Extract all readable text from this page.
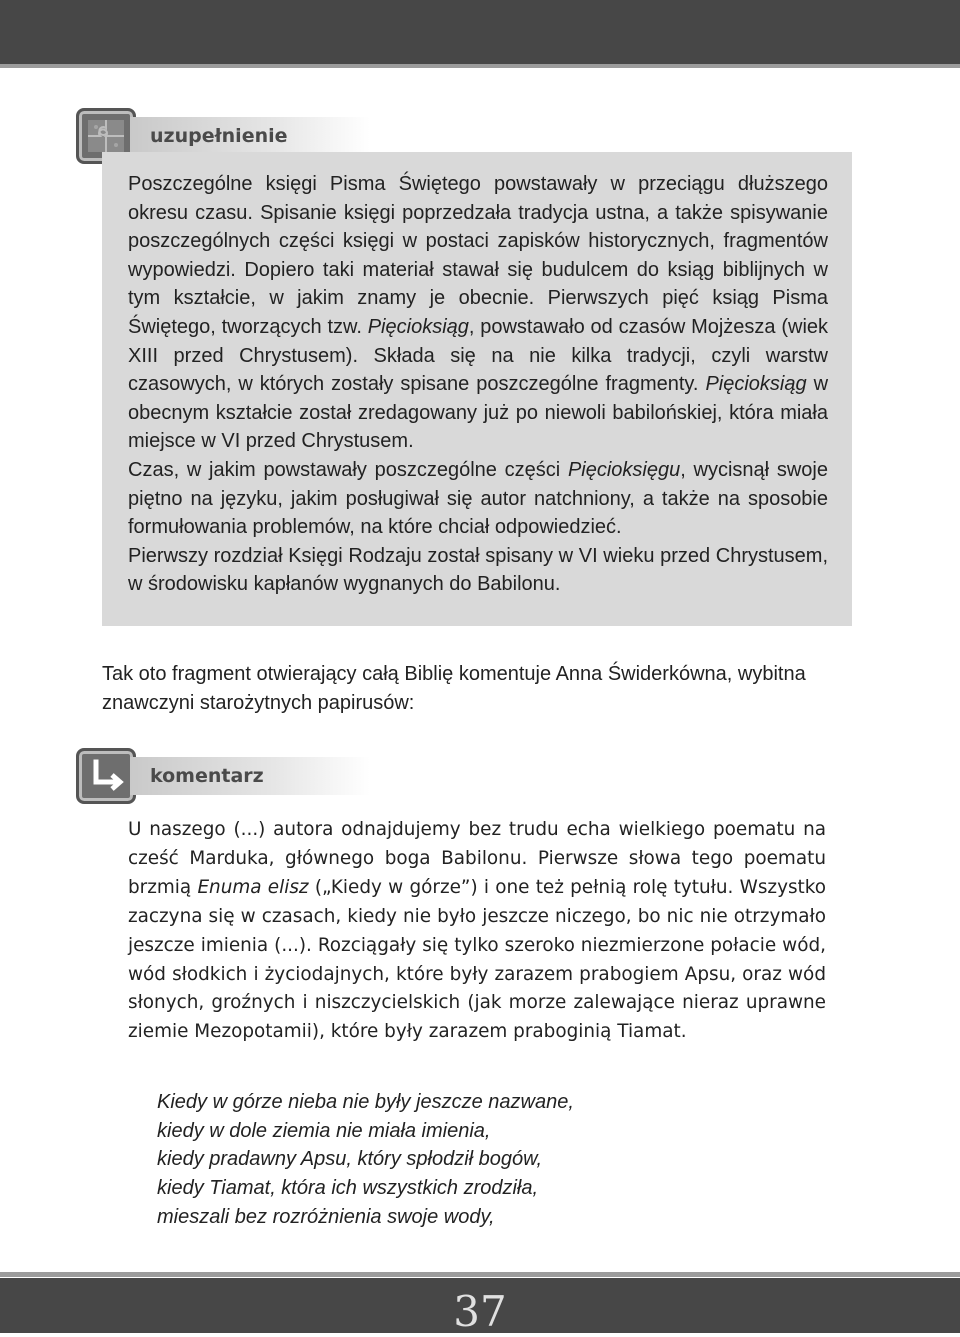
uzupełnienie

Poszczególne księgi Pisma Świętego powstawały w przeciągu dłuższego okresu czasu. Spisanie księgi poprzedzała tradycja ustna, a także spisywanie poszczególnych części księgi w postaci zapisków historycznych, fragmentów wypowiedzi. Dopiero taki materiał stawał się budulcem do ksiąg biblijnych w tym kształcie, w jakim znamy je obecnie. Pierwszych pięć ksiąg Pisma Świętego, tworzących tzw. Pięcioksiąg, powstawało od czasów Mojżesza (wiek XIII przed Chrystusem). Składa się na nie kilka tradycji, czyli warstw czasowych, w których zostały spisane poszczególne fragmenty. Pięcioksiąg w obecnym kształcie został zredagowany już po niewoli babilońskiej, która miała miejsce w VI przed Chrystusem.

Czas, w jakim powstawały poszczególne części Pięcioksięgu, wycisnął swoje piętno na języku, jakim posługiwał się autor natchniony, a także na sposobie formułowania problemów, na które chciał odpowiedzieć.

Pierwszy rozdział Księgi Rodzaju został spisany w VI wieku przed Chrystusem, w środowisku kapłanów wygnanych do Babilonu.

Tak oto fragment otwierający całą Biblię komentuje Anna Świderkówna, wybitna znawczyni starożytnych papirusów:
komentarz

U naszego (...) autora odnajdujemy bez trudu echa wielkiego poematu na cześć Marduka, głównego boga Babilonu. Pierwsze słowa tego poematu brzmią Enuma elisz („Kiedy w górze”) i one też pełnią rolę tytułu. Wszystko zaczyna się w czasach, kiedy nie było jeszcze niczego, bo nic nie otrzymało jeszcze imienia (...). Rozciągały się tylko szeroko niezmierzone połacie wód, wód słodkich i życiodajnych, które były zarazem prabogiem Apsu, oraz wód słonych, groźnych i niszczycielskich (jak morze zalewające nieraz uprawne ziemie Mezopotamii), które były zarazem praboginią Tiamat.

Kiedy w górze nieba nie były jeszcze nazwane,
kiedy w dole ziemia nie miała imienia,
kiedy pradawny Apsu, który spłodził bogów,
kiedy Tiamat, która ich wszystkich zrodziła,
mieszali bez rozróżnienia swoje wody,
37
